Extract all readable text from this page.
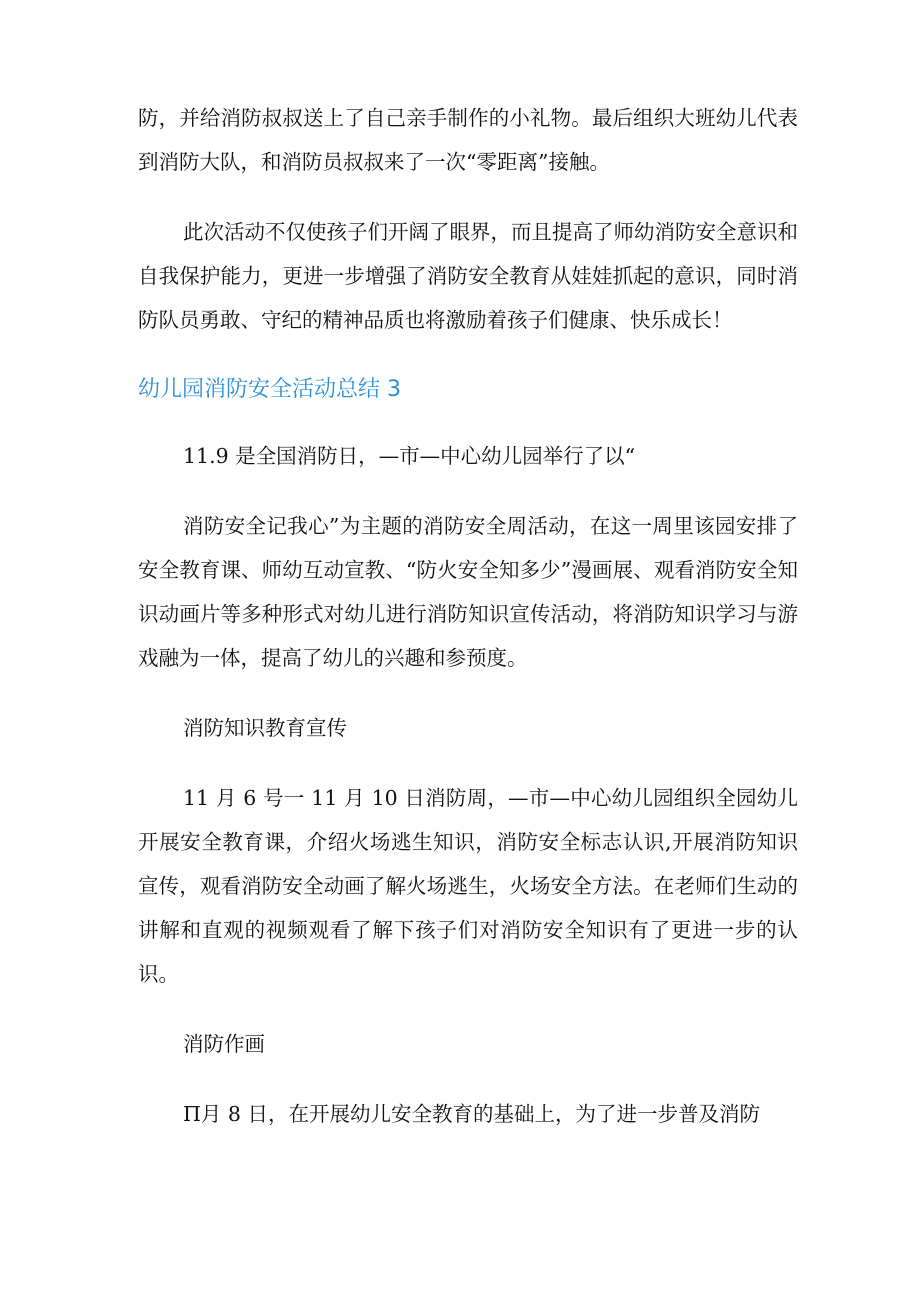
防，并给消防叔叔送上了自己亲手制作的小礼物。最后组织大班幼儿代表到消防大队，和消防员叔叔来了一次“零距离”接触。

此次活动不仅使孩子们开阔了眼界，而且提高了师幼消防安全意识和自我保护能力，更进一步增强了消防安全教育从娃娃抓起的意识，同时消防队员勇敢、守纪的精神品质也将激励着孩子们健康、快乐成长！

幼儿园消防安全活动总结 3

11.9 是全国消防日，—市—中心幼儿园举行了以“

消防安全记我心”为主题的消防安全周活动，在这一周里该园安排了安全教育课、师幼互动宣教、“防火安全知多少”漫画展、观看消防安全知识动画片等多种形式对幼儿进行消防知识宣传活动，将消防知识学习与游戏融为一体，提高了幼儿的兴趣和参预度。

消防知识教育宣传

11 月 6 号一 11 月 10 日消防周，—市—中心幼儿园组织全园幼儿开展安全教育课，介绍火场逃生知识，消防安全标志认识,开展消防知识宣传，观看消防安全动画了解火场逃生，火场安全方法。在老师们生动的讲解和直观的视频观看了解下孩子们对消防安全知识有了更进一步的认识。

消防作画

Π月 8 日，在开展幼儿安全教育的基础上，为了进一步普及消防
